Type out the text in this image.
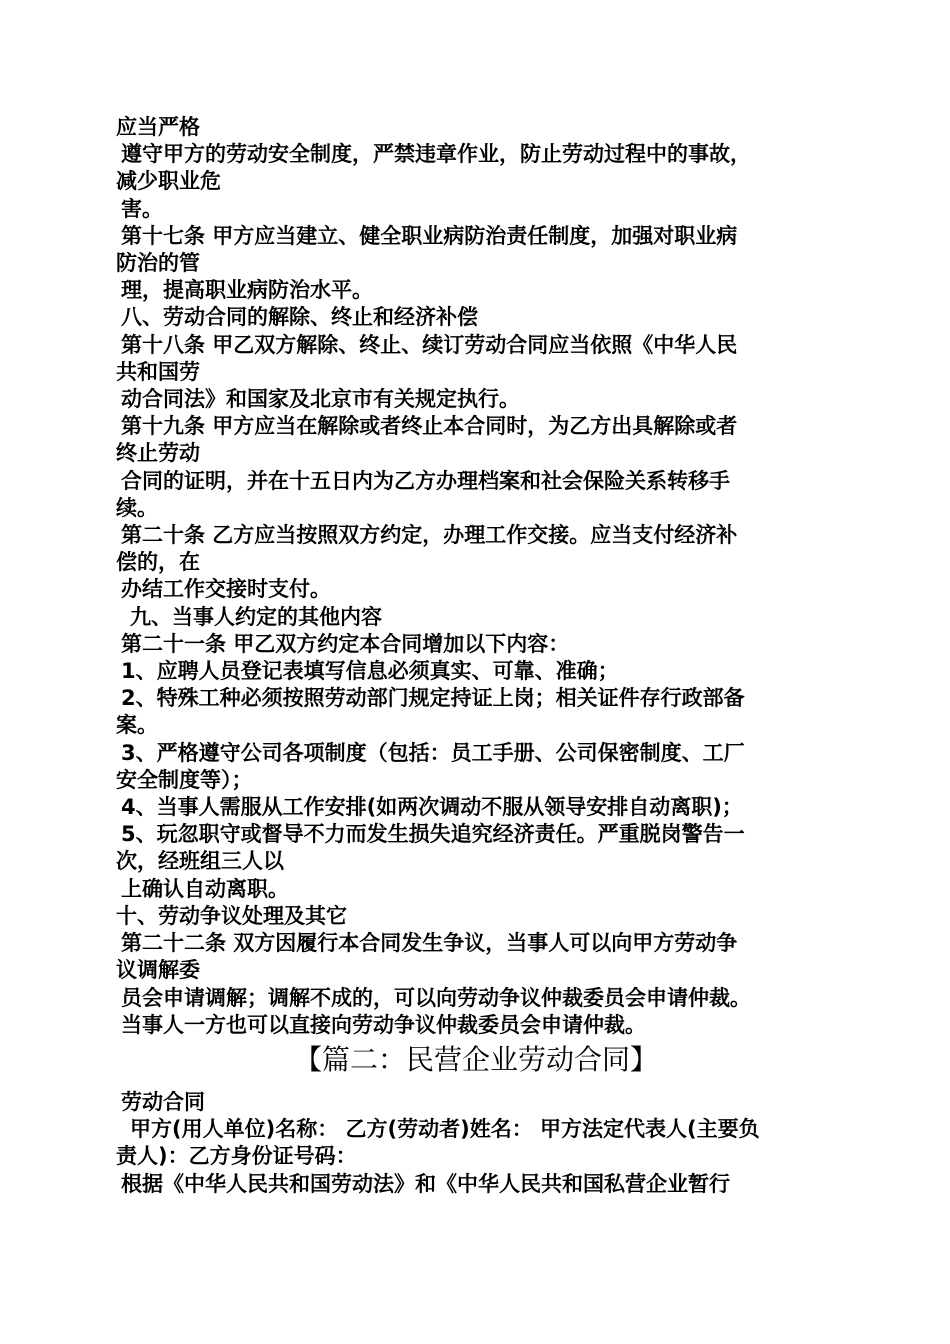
应当严格
遵守甲方的劳动安全制度，严禁违章作业，防止劳动过程中的事故，
减少职业危
害。
第十七条 甲方应当建立、健全职业病防治责任制度，加强对职业病
防治的管
理，提高职业病防治水平。
八、劳动合同的解除、终止和经济补偿
第十八条 甲乙双方解除、终止、续订劳动合同应当依照《中华人民
共和国劳
动合同法》和国家及北京市有关规定执行。
第十九条 甲方应当在解除或者终止本合同时，为乙方出具解除或者
终止劳动
合同的证明，并在十五日内为乙方办理档案和社会保险关系转移手
续。
第二十条 乙方应当按照双方约定，办理工作交接。应当支付经济补
偿的，在
办结工作交接时支付。
九、当事人约定的其他内容
第二十一条 甲乙双方约定本合同增加以下内容：
1、应聘人员登记表填写信息必须真实、可靠、准确；
2、特殊工种必须按照劳动部门规定持证上岗；相关证件存行政部备
案。
3、严格遵守公司各项制度（包括：员工手册、公司保密制度、工厂
安全制度等）；
4、当事人需服从工作安排(如两次调动不服从领导安排自动离职)；
5、玩忽职守或督导不力而发生损失追究经济责任。严重脱岗警告一
次，经班组三人以
上确认自动离职。
十、劳动争议处理及其它
第二十二条 双方因履行本合同发生争议，当事人可以向甲方劳动争
议调解委
员会申请调解；调解不成的，可以向劳动争议仲裁委员会申请仲裁。
当事人一方也可以直接向劳动争议仲裁委员会申请仲裁。
【篇二：民营企业劳动合同】
劳动合同
甲方(用人单位)名称： 乙方(劳动者)姓名： 甲方法定代表人(主要负
责人)：乙方身份证号码：
根据《中华人民共和国劳动法》和《中华人民共和国私营企业暂行
